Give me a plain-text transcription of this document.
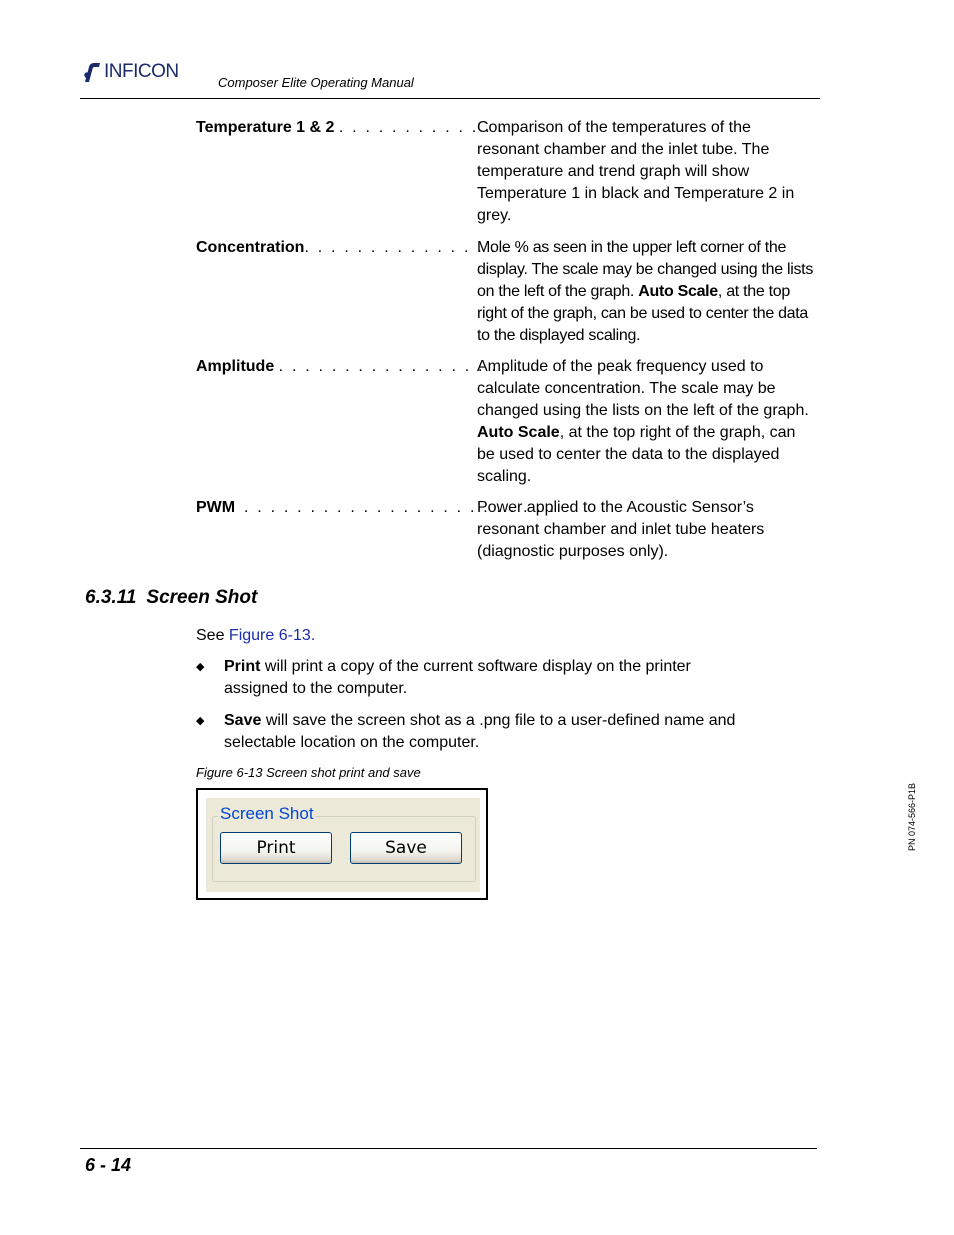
INFICON
Composer Elite Operating Manual
Temperature 1 & 2 . . . . . . . . . . . . .
Comparison of the temperatures of the resonant chamber and the inlet tube. The temperature and trend graph will show Temperature 1 in black and Temperature 2 in grey.
Concentration. . . . . . . . . . . . . . . . .
Mole % as seen in the upper left corner of the display. The scale may be changed using the lists on the left of the graph. Auto Scale, at the top right of the graph, can be used to center the data to the displayed scaling.
Amplitude . . . . . . . . . . . . . . . . . . . .
Amplitude of the peak frequency used to calculate concentration. The scale may be changed using the lists on the left of the graph. Auto Scale, at the top right of the graph, can be used to center the data to the displayed scaling.
PWM . . . . . . . . . . . . . . . . . . . . . . . .
Power applied to the Acoustic Sensor’s resonant chamber and inlet tube heaters (diagnostic purposes only).
6.3.11 Screen Shot
See Figure 6-13.
◆ Print will print a copy of the current software display on the printer assigned to the computer.
◆ Save will save the screen shot as a .png file to a user-defined name and selectable location on the computer.
Figure 6-13 Screen shot print and save
Screen Shot
Print	Save	PN 074-566-P1B
6 - 14
